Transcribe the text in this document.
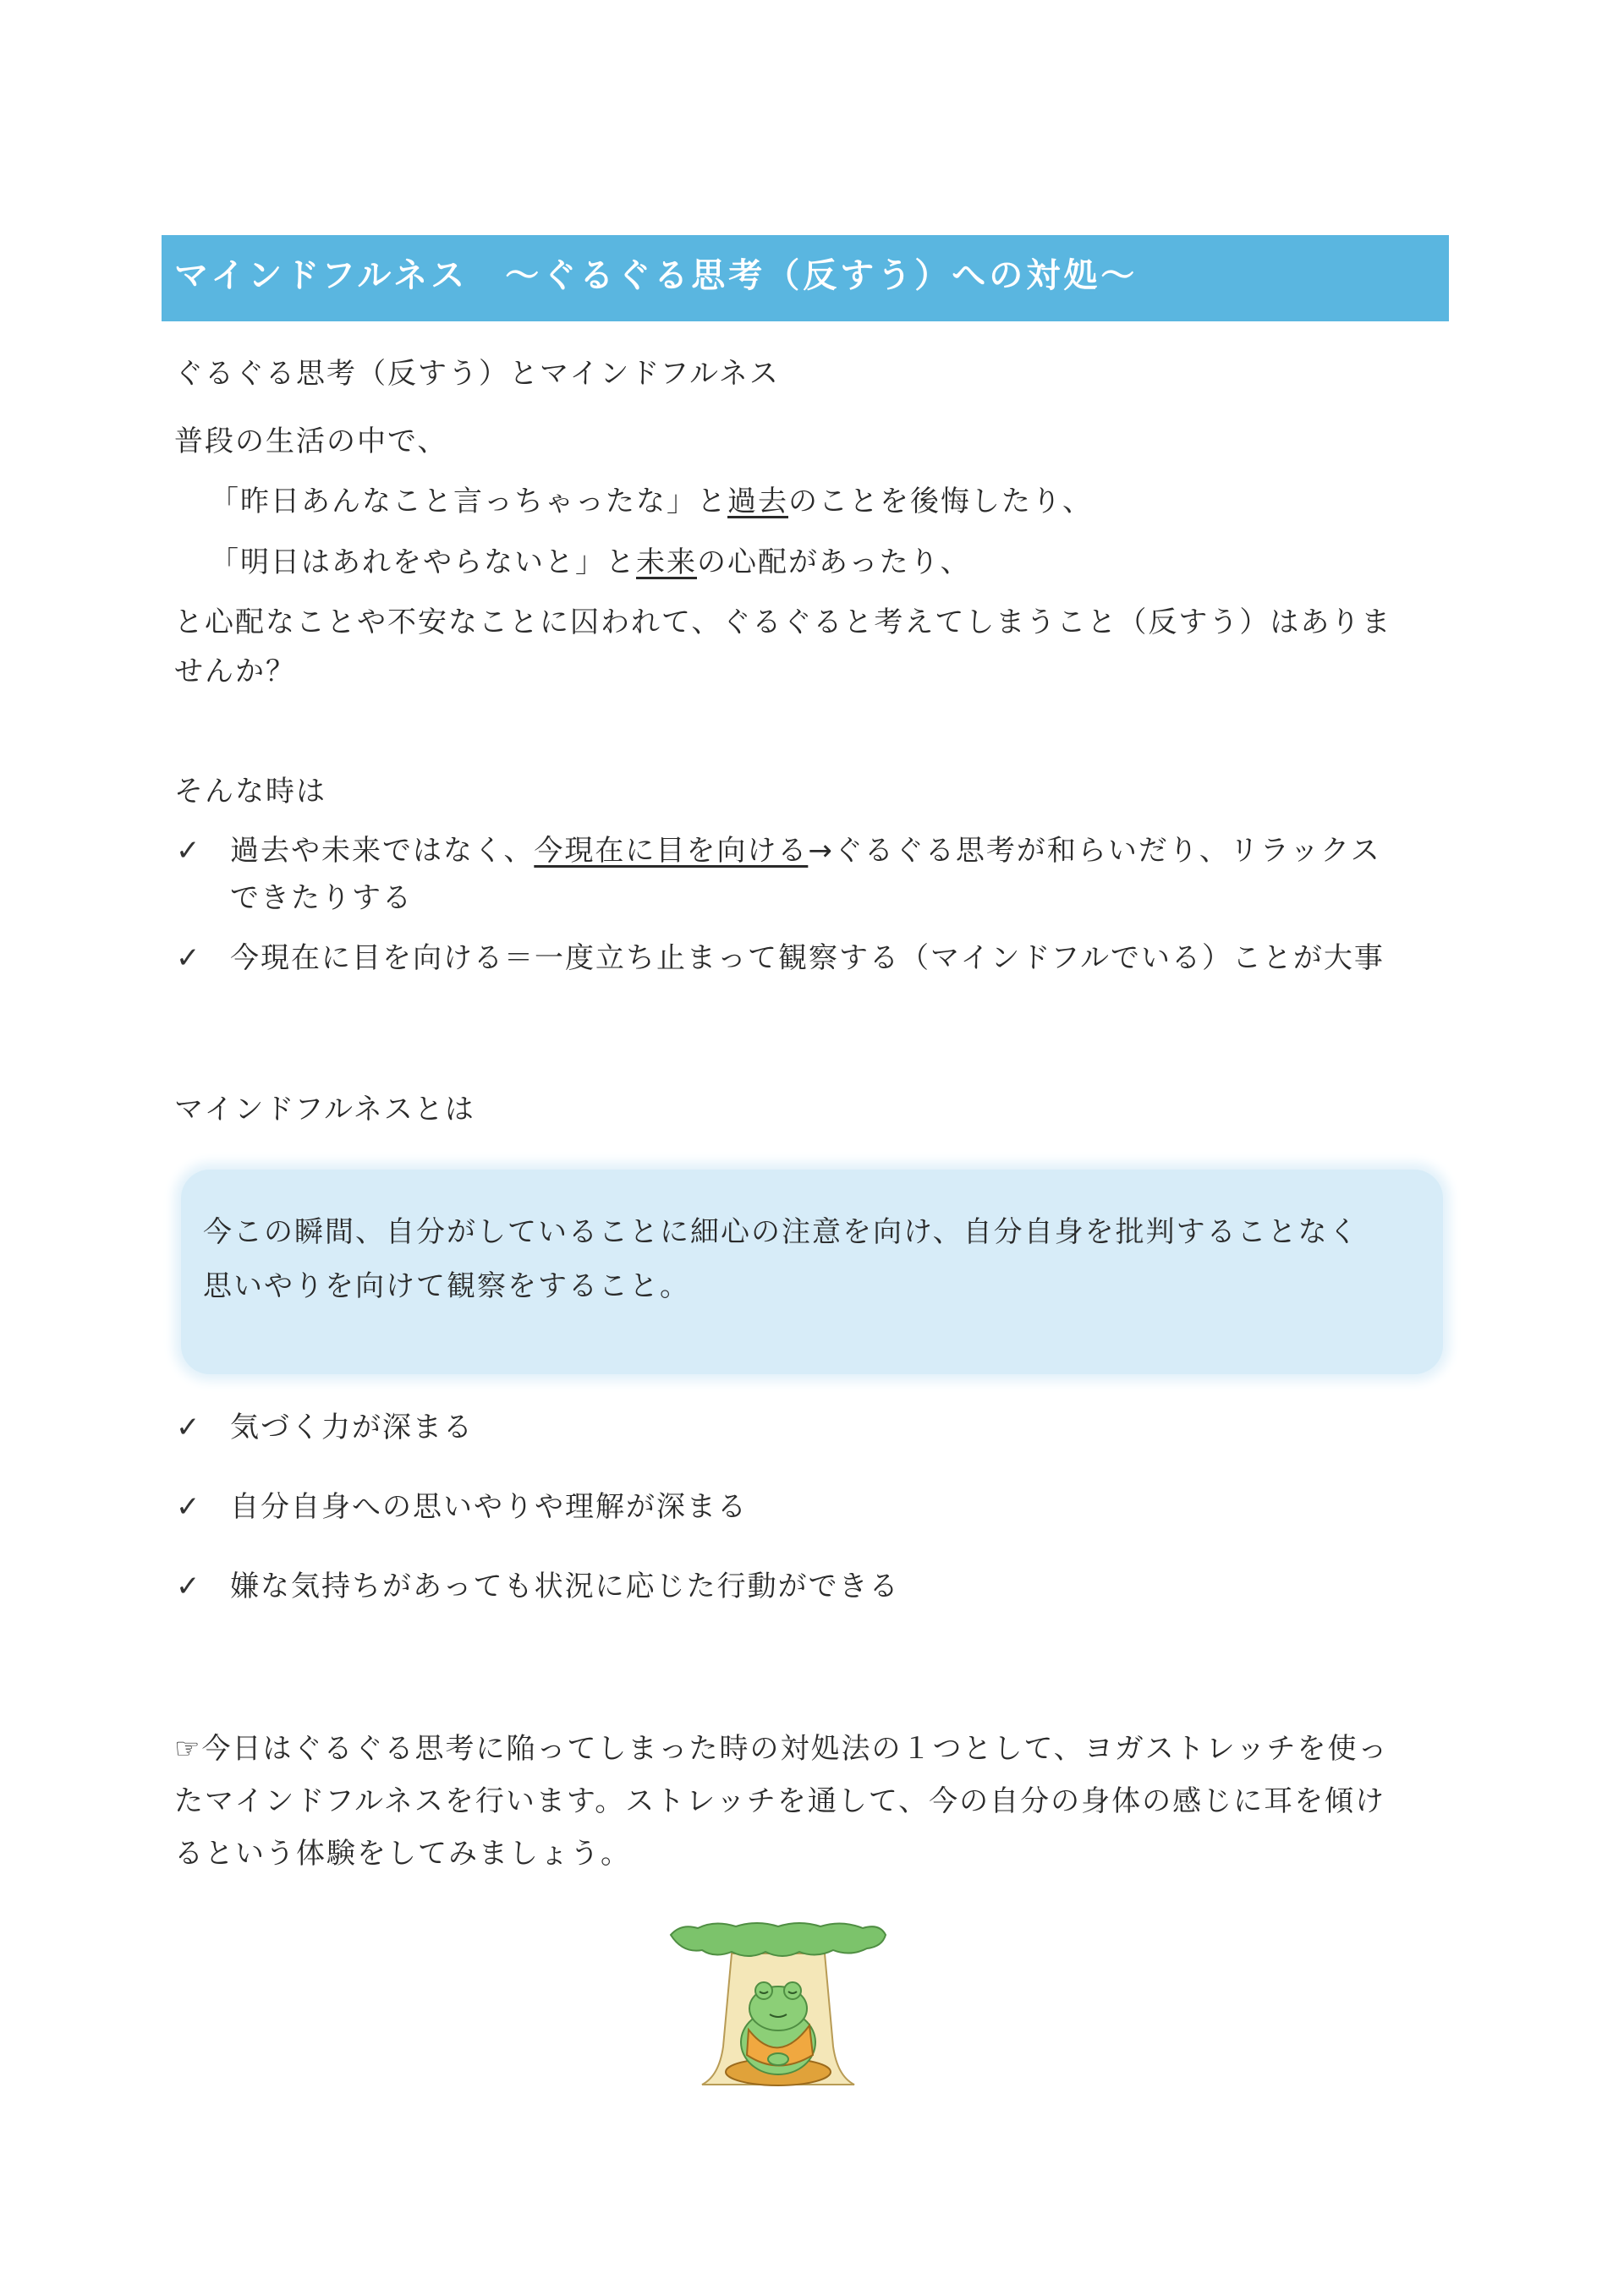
マインドフルネス　～ぐるぐる思考（反すう）への対処～
ぐるぐる思考（反すう）とマインドフルネス
普段の生活の中で、
「昨日あんなこと言っちゃったな」と過去のことを後悔したり、
「明日はあれをやらないと」と未来の心配があったり、
と心配なことや不安なことに囚われて、ぐるぐると考えてしまうこと（反すう）はありま
せんか？
そんな時は
✓ 過去や未来ではなく、今現在に目を向ける→ぐるぐる思考が和らいだり、リラックス
できたりする
✓ 今現在に目を向ける＝一度立ち止まって観察する（マインドフルでいる）ことが大事
マインドフルネスとは
今この瞬間、自分がしていることに細心の注意を向け、自分自身を批判することなく
思いやりを向けて観察をすること。
✓ 気づく力が深まる
✓ 自分自身への思いやりや理解が深まる
✓ 嫌な気持ちがあっても状況に応じた行動ができる
☞今日はぐるぐる思考に陥ってしまった時の対処法の１つとして、ヨガストレッチを使っ
たマインドフルネスを行います。ストレッチを通して、今の自分の身体の感じに耳を傾け
るという体験をしてみましょう。
